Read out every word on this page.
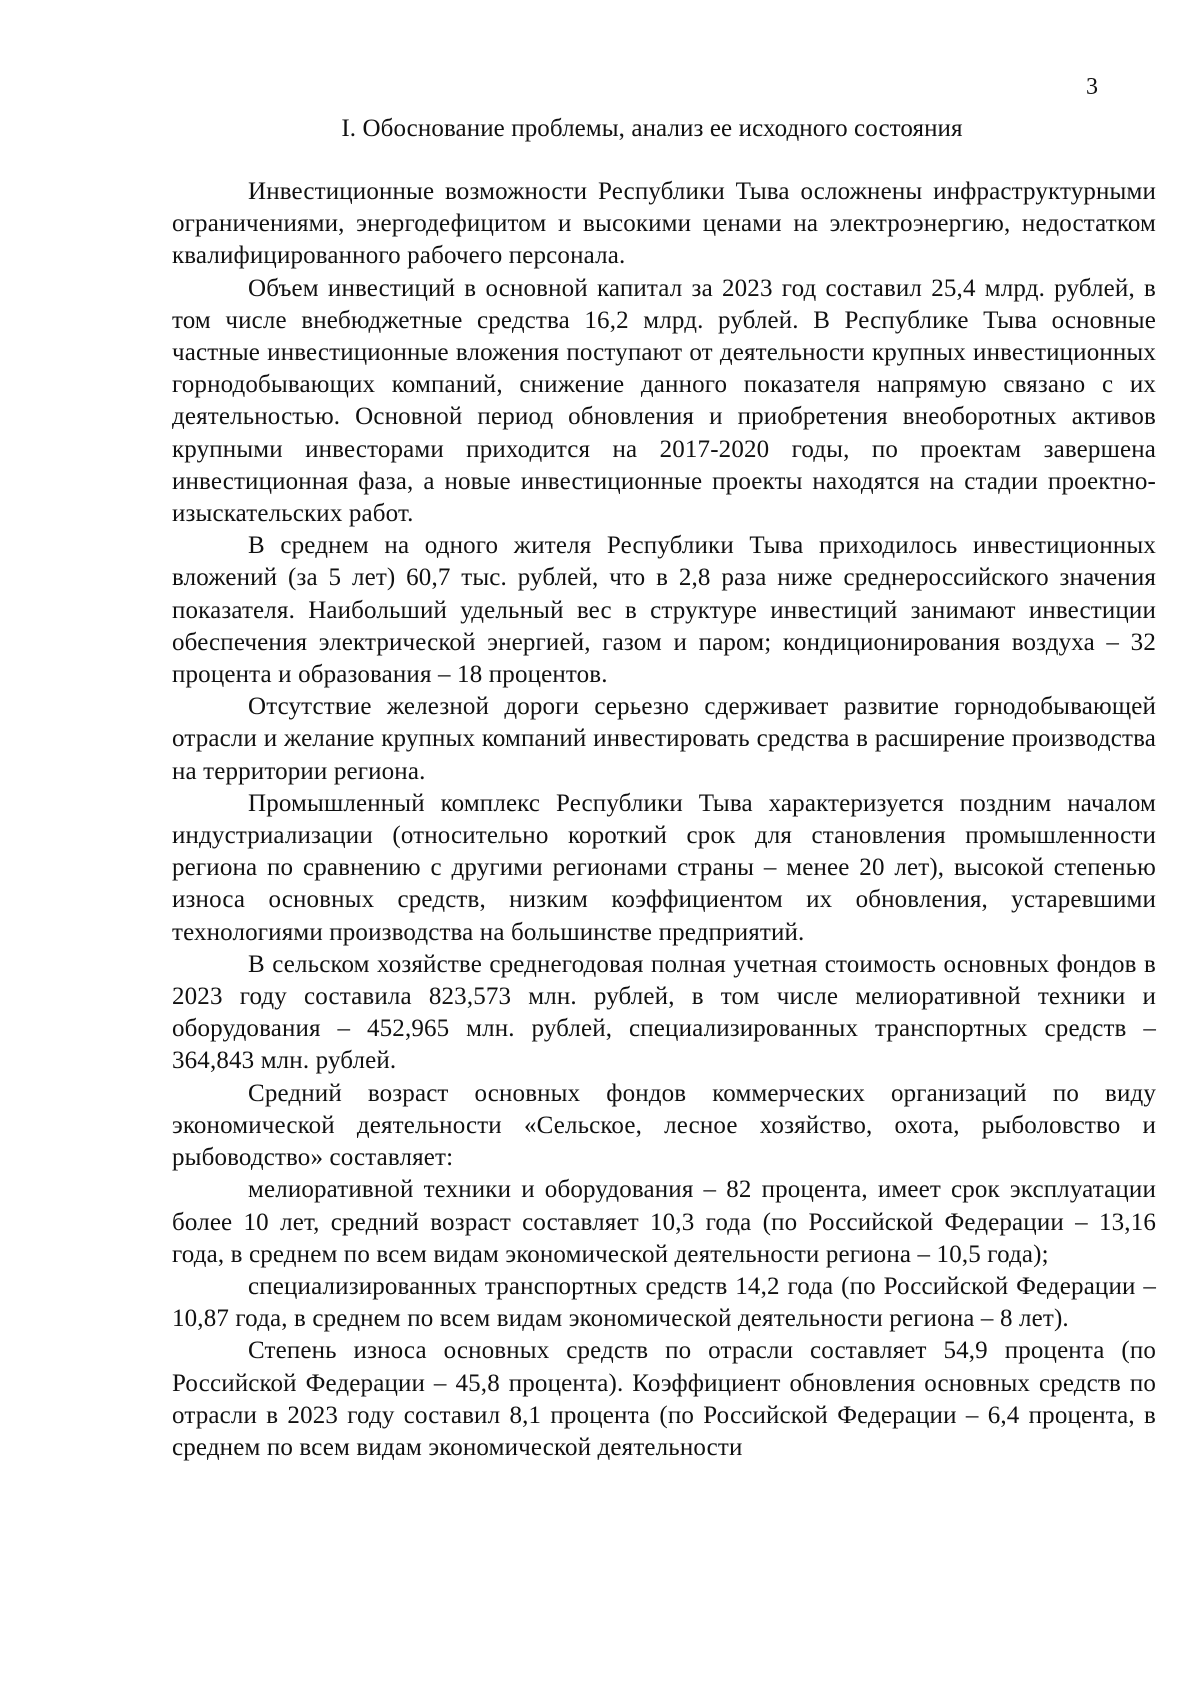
3
I. Обоснование проблемы, анализ ее исходного состояния

Инвестиционные возможности Республики Тыва осложнены инфраструктурными ограничениями, энергодефицитом и высокими ценами на электроэнергию, недостатком квалифицированного рабочего персонала.

Объем инвестиций в основной капитал за 2023 год составил 25,4 млрд. рублей, в том числе внебюджетные средства 16,2 млрд. рублей. В Республике Тыва основные частные инвестиционные вложения поступают от деятельности крупных инвестиционных горнодобывающих компаний, снижение данного показателя напрямую связано с их деятельностью. Основной период обновления и приобретения внеоборотных активов крупными инвесторами приходится на 2017-2020 годы, по проектам завершена инвестиционная фаза, а новые инвестиционные проекты находятся на стадии проектно-изыскательских работ.

В среднем на одного жителя Республики Тыва приходилось инвестиционных вложений (за 5 лет) 60,7 тыс. рублей, что в 2,8 раза ниже среднероссийского значения показателя. Наибольший удельный вес в структуре инвестиций занимают инвестиции обеспечения электрической энергией, газом и паром; кондиционирования воздуха – 32 процента и образования – 18 процентов.

Отсутствие железной дороги серьезно сдерживает развитие горнодобывающей отрасли и желание крупных компаний инвестировать средства в расширение производства на территории региона.

Промышленный комплекс Республики Тыва характеризуется поздним началом индустриализации (относительно короткий срок для становления промышленности региона по сравнению с другими регионами страны – менее 20 лет), высокой степенью износа основных средств, низким коэффициентом их обновления, устаревшими технологиями производства на большинстве предприятий.

В сельском хозяйстве среднегодовая полная учетная стоимость основных фондов в 2023 году составила 823,573 млн. рублей, в том числе мелиоративной техники и оборудования – 452,965 млн. рублей, специализированных транспортных средств – 364,843 млн. рублей.

Средний возраст основных фондов коммерческих организаций по виду экономической деятельности «Сельское, лесное хозяйство, охота, рыболовство и рыбоводство» составляет:

мелиоративной техники и оборудования – 82 процента, имеет срок эксплуатации более 10 лет, средний возраст составляет 10,3 года (по Российской Федерации – 13,16 года, в среднем по всем видам экономической деятельности региона – 10,5 года);

специализированных транспортных средств 14,2 года (по Российской Федерации – 10,87 года, в среднем по всем видам экономической деятельности региона – 8 лет).

Степень износа основных средств по отрасли составляет 54,9 процента (по Российской Федерации – 45,8 процента). Коэффициент обновления основных средств по отрасли в 2023 году составил 8,1 процента (по Российской Федерации – 6,4 процента, в среднем по всем видам экономической деятельности
